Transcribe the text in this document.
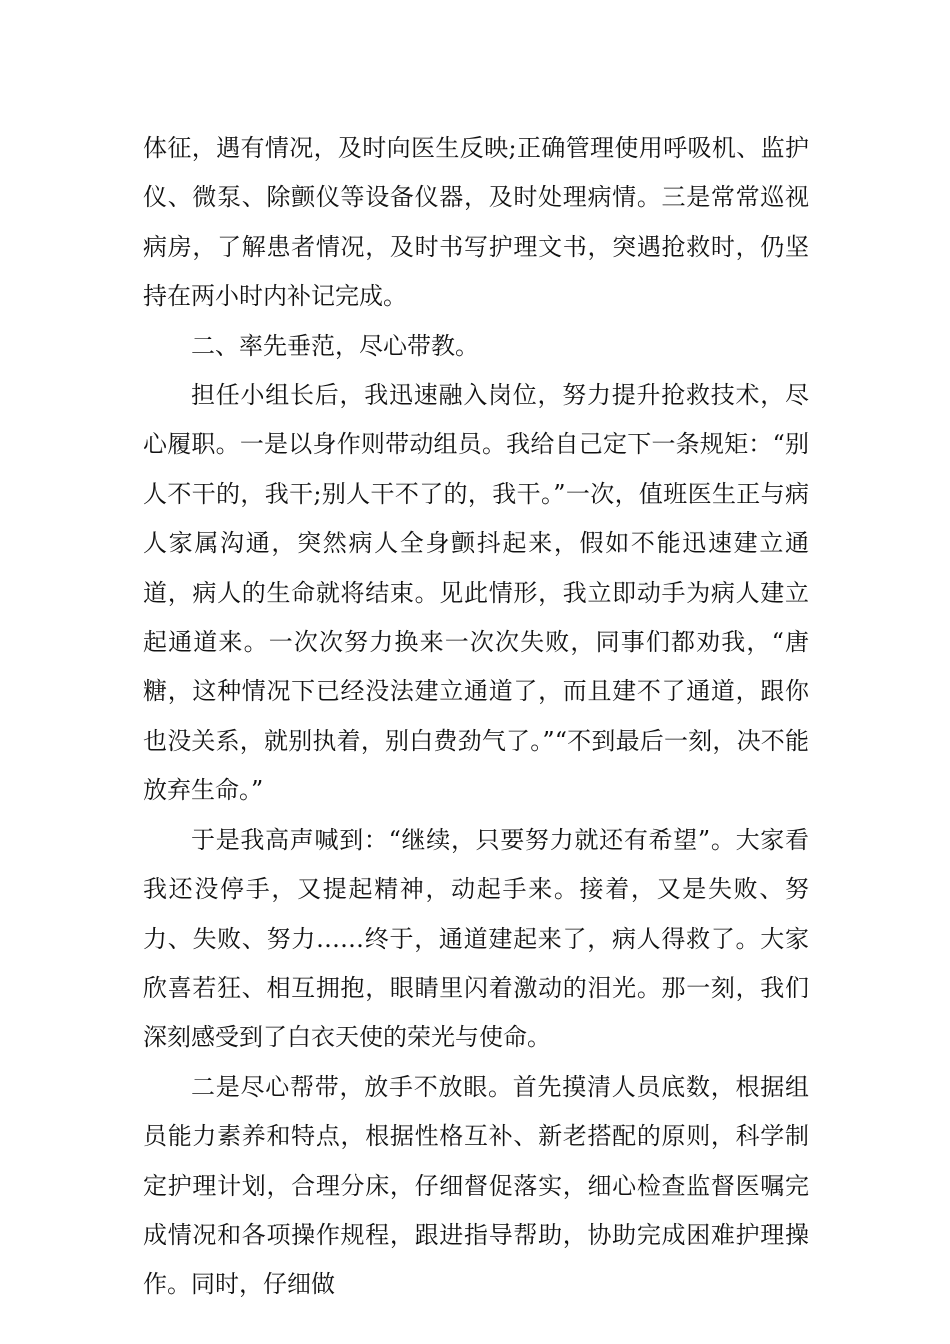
体征，遇有情况，及时向医生反映;正确管理使用呼吸机、监护仪、微泵、除颤仪等设备仪器，及时处理病情。三是常常巡视病房，了解患者情况，及时书写护理文书，突遇抢救时，仍坚持在两小时内补记完成。

二、率先垂范，尽心带教。

担任小组长后，我迅速融入岗位，努力提升抢救技术，尽心履职。一是以身作则带动组员。我给自己定下一条规矩：“别人不干的，我干;别人干不了的，我干。”一次，值班医生正与病人家属沟通，突然病人全身颤抖起来，假如不能迅速建立通道，病人的生命就将结束。见此情形，我立即动手为病人建立起通道来。一次次努力换来一次次失败，同事们都劝我，“唐糖，这种情况下已经没法建立通道了，而且建不了通道，跟你也没关系，就别执着，别白费劲气了。”“不到最后一刻，决不能放弃生命。”

于是我高声喊到：“继续，只要努力就还有希望”。大家看我还没停手，又提起精神，动起手来。接着，又是失败、努力、失败、努力……终于，通道建起来了，病人得救了。大家欣喜若狂、相互拥抱，眼睛里闪着激动的泪光。那一刻，我们深刻感受到了白衣天使的荣光与使命。

二是尽心帮带，放手不放眼。首先摸清人员底数，根据组员能力素养和特点，根据性格互补、新老搭配的原则，科学制定护理计划，合理分床，仔细督促落实，细心检查监督医嘱完成情况和各项操作规程，跟进指导帮助，协助完成困难护理操作。同时，仔细做
